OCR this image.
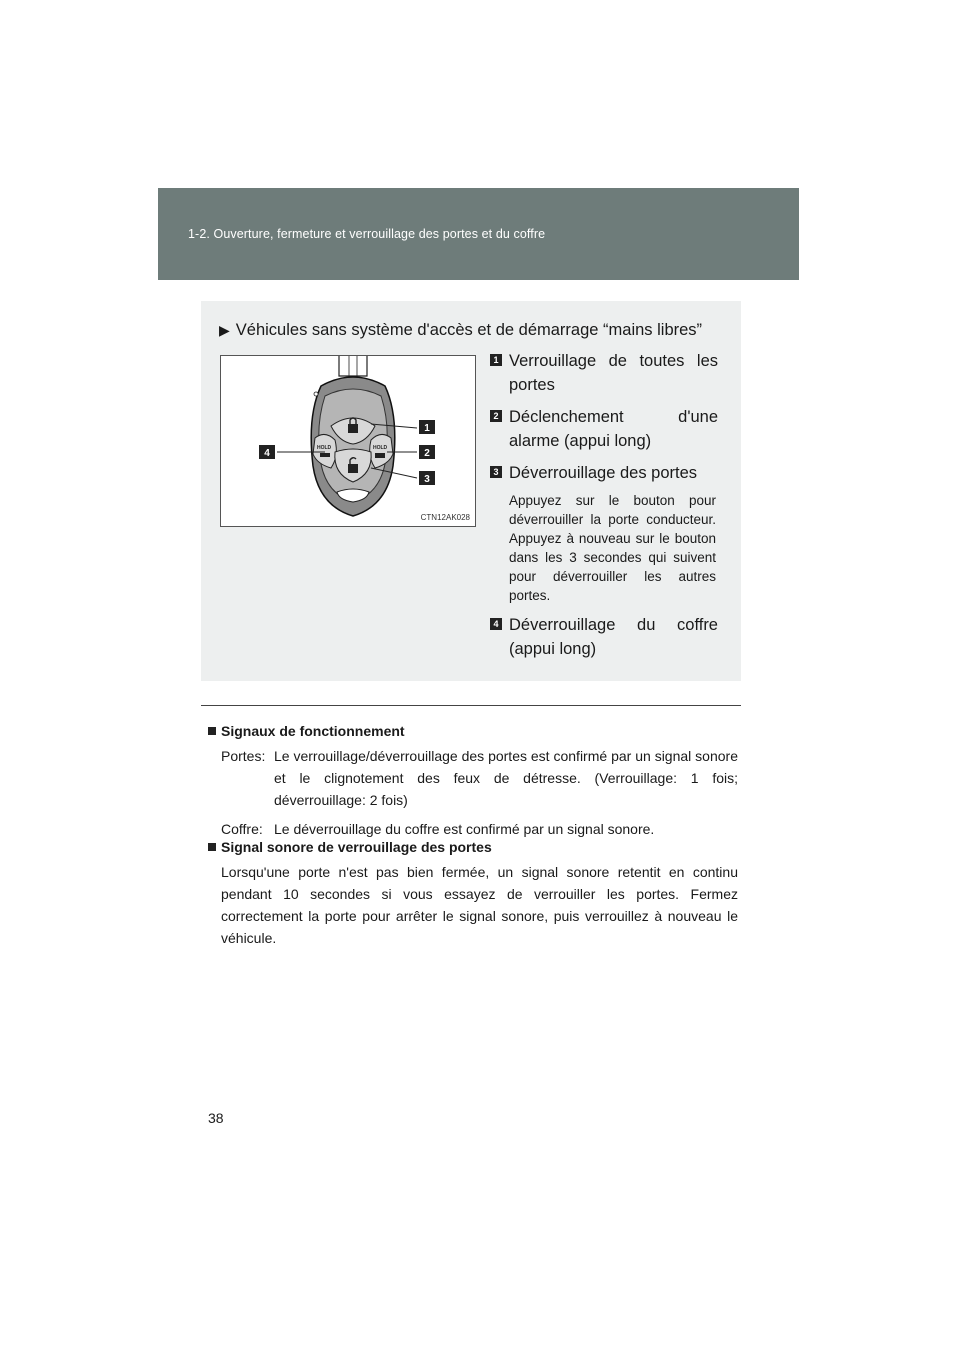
1-2. Ouverture, fermeture et verrouillage des portes et du coffre
▶ Véhicules sans système d'accès et de démarrage “mains libres”
HOLD	HOLD
1
2
3
4
CTN12AK028
1 Verrouillage de toutes les portes
2 Déclenchement d'une alarme (appui long)
3 Déverrouillage des portes
Appuyez sur le bouton pour déverrouiller la porte conducteur. Appuyez à nouveau sur le bouton dans les 3 secondes qui suivent pour déverrouiller les autres portes.
4 Déverrouillage du coffre (appui long)
Signaux de fonctionnement
Portes: Le verrouillage/déverrouillage des portes est confirmé par un signal sonore et le clignotement des feux de détresse. (Verrouillage: 1 fois; déverrouillage: 2 fois)
Coffre: Le déverrouillage du coffre est confirmé par un signal sonore.
Signal sonore de verrouillage des portes
Lorsqu'une porte n'est pas bien fermée, un signal sonore retentit en continu pendant 10 secondes si vous essayez de verrouiller les portes. Fermez correctement la porte pour arrêter le signal sonore, puis verrouillez à nouveau le véhicule.
38
